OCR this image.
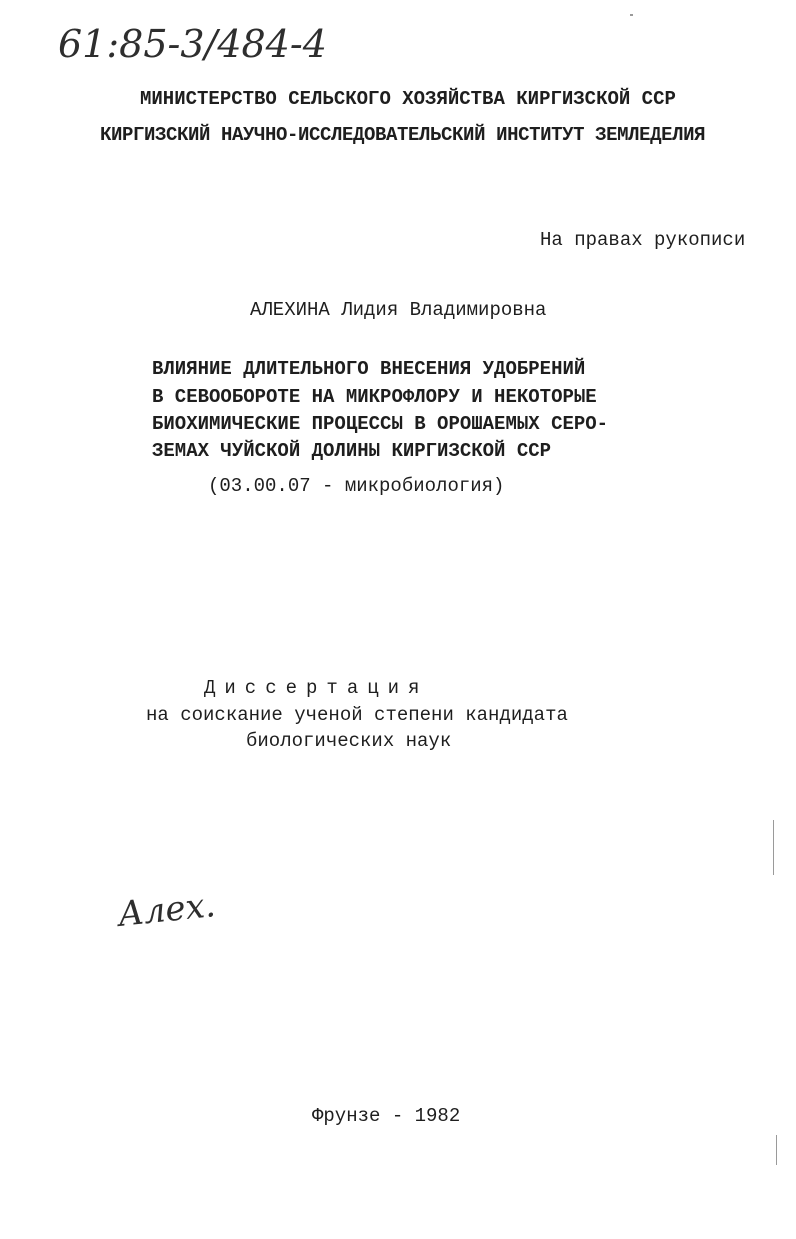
61:85-3/484-4
МИНИСТЕРСТВО СЕЛЬСКОГО ХОЗЯЙСТВА КИРГИЗСКОЙ ССР
КИРГИЗСКИЙ НАУЧНО-ИССЛЕДОВАТЕЛЬСКИЙ ИНСТИТУТ ЗЕМЛЕДЕЛИЯ
На правах рукописи
АЛЕХИНА Лидия Владимировна
ВЛИЯНИЕ ДЛИТЕЛЬНОГО ВНЕСЕНИЯ УДОБРЕНИЙ
В СЕВООБОРОТЕ НА МИКРОФЛОРУ И НЕКОТОРЫЕ
БИОХИМИЧЕСКИЕ ПРОЦЕССЫ В ОРОШАЕМЫХ СЕРО-
ЗЕМАХ ЧУЙСКОЙ ДОЛИНЫ КИРГИЗСКОЙ ССР
(03.00.07 - микробиология)
Диссертация
на соискание ученой степени кандидата
биологических наук
Алех.
Фрунзе - 1982
